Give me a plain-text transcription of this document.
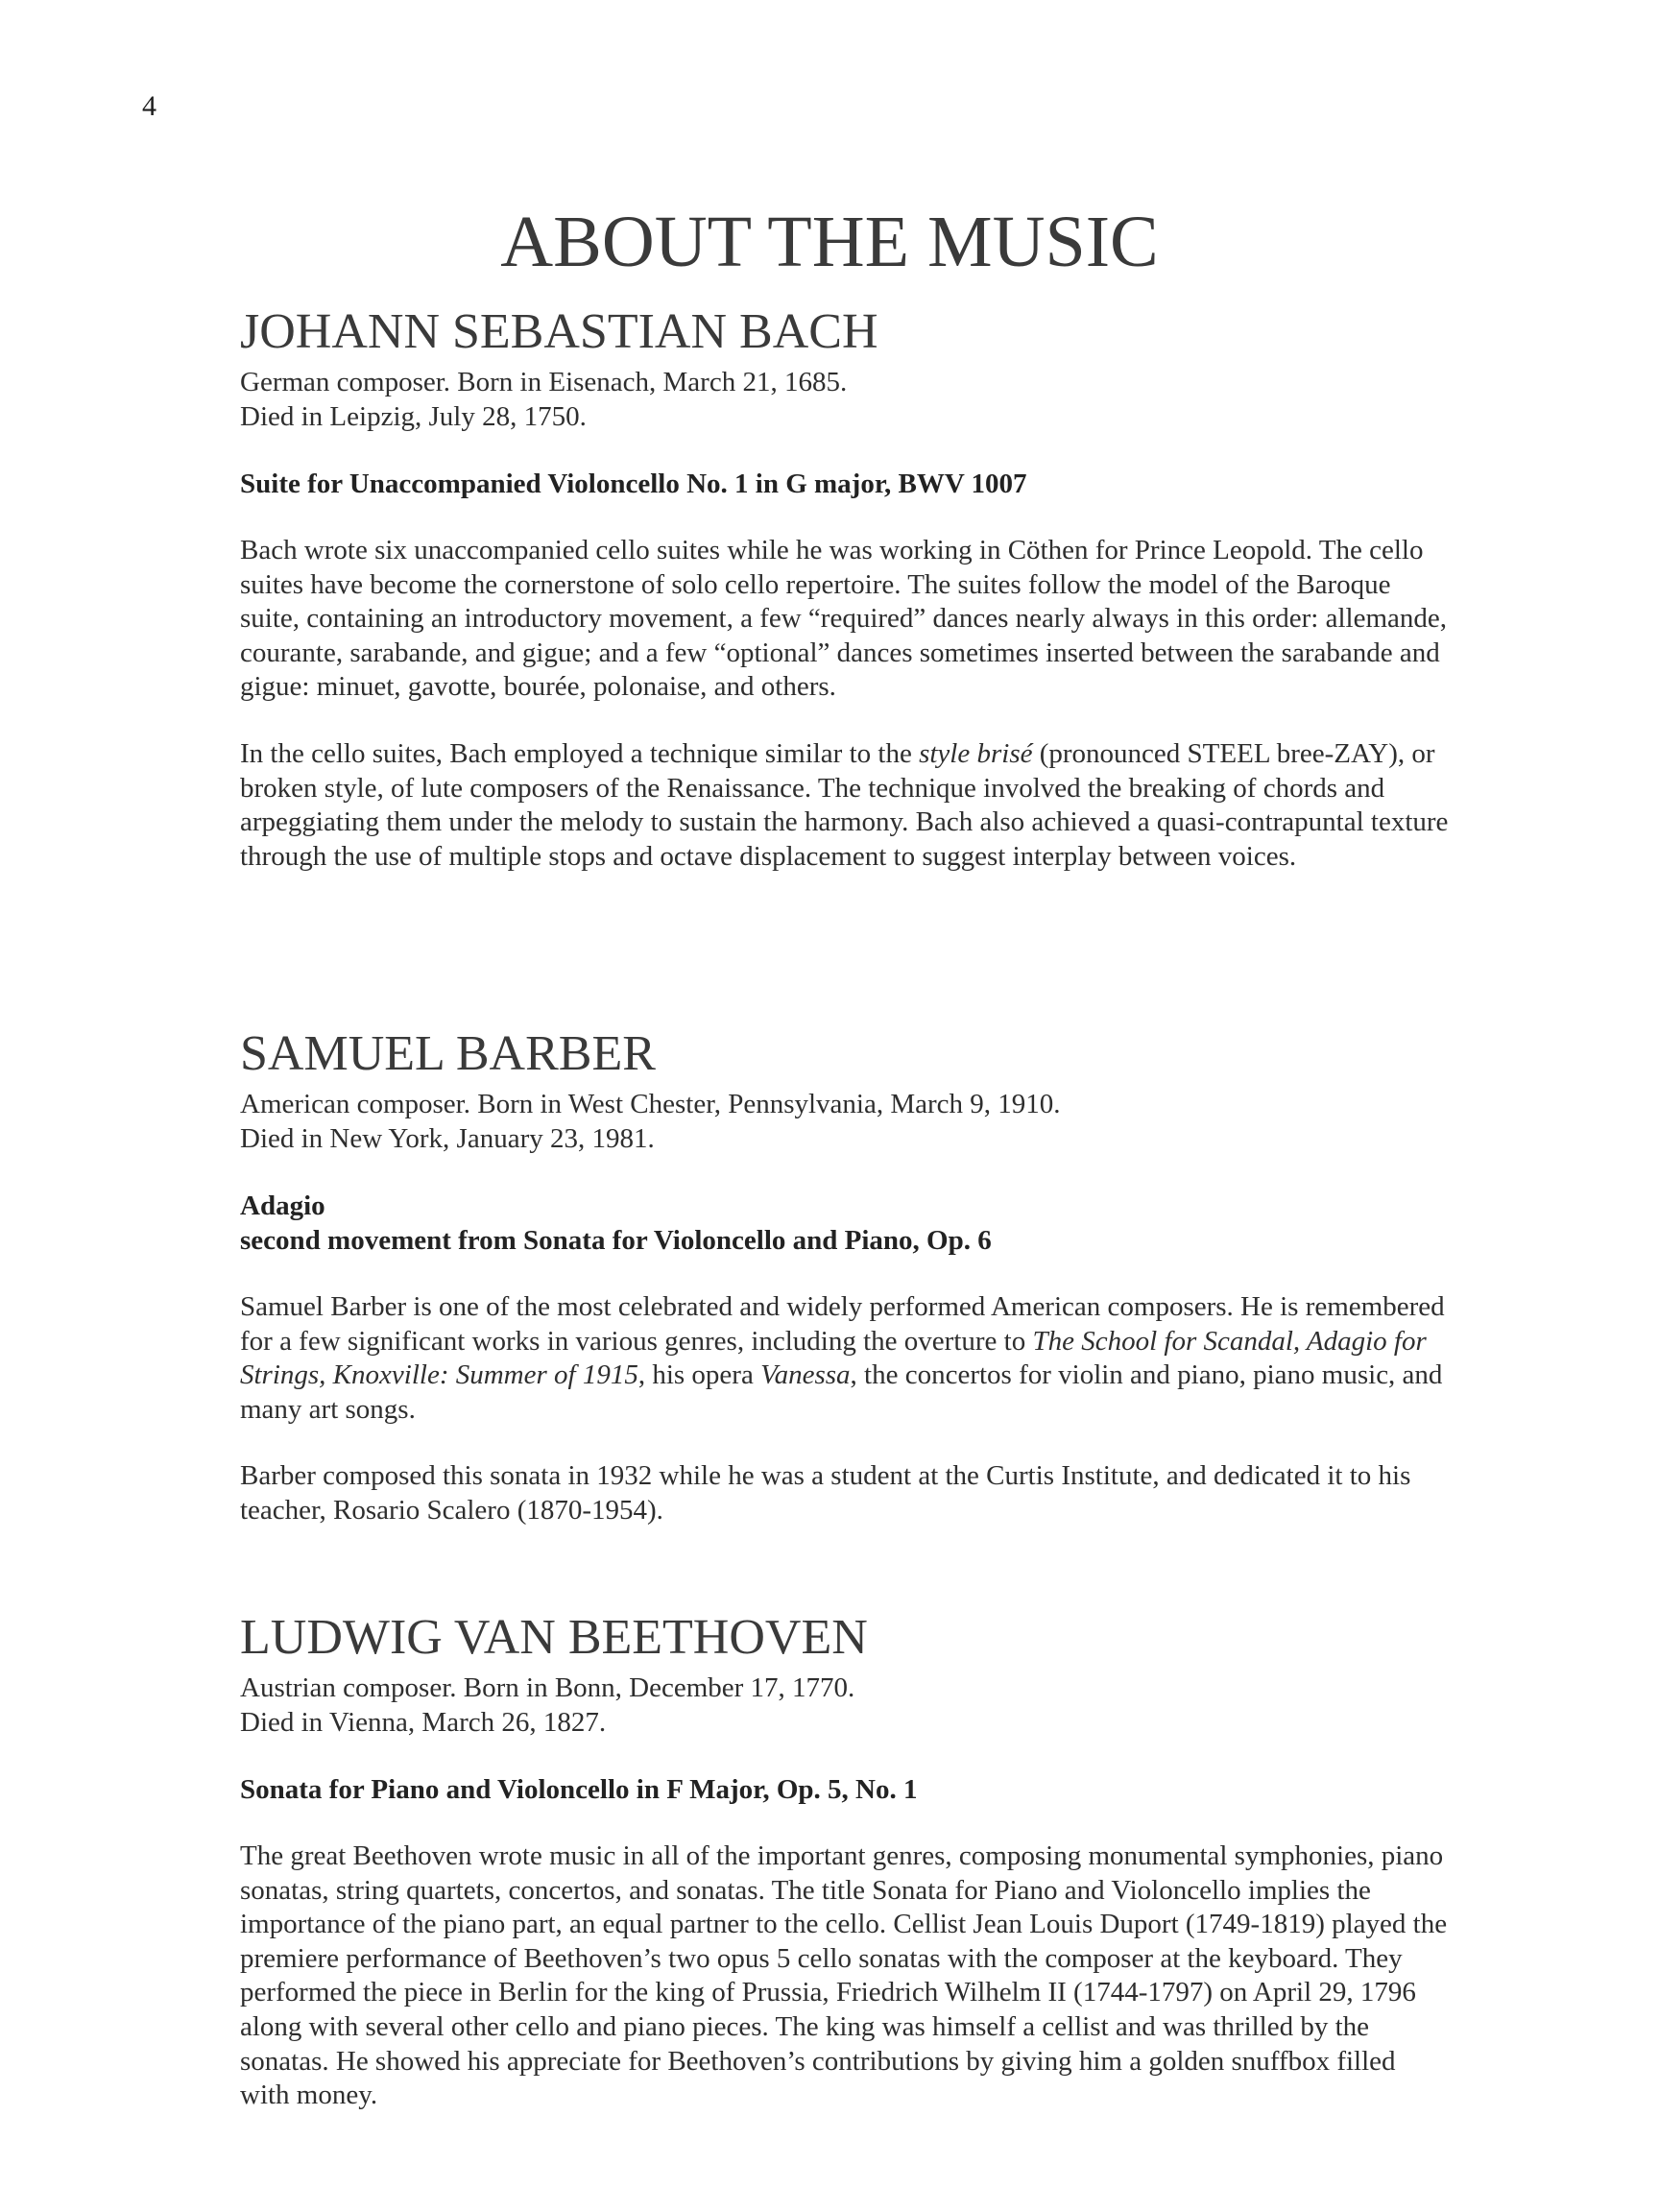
4
ABOUT THE MUSIC
JOHANN SEBASTIAN BACH

German composer. Born in Eisenach, March 21, 1685.
Died in Leipzig, July 28, 1750.

Suite for Unaccompanied Violoncello No. 1 in G major, BWV 1007

Bach wrote six unaccompanied cello suites while he was working in Cöthen for Prince Leopold. The cello suites have become the cornerstone of solo cello repertoire. The suites follow the model of the Baroque suite, containing an introductory movement, a few “required” dances nearly always in this order: allemande, courante, sarabande, and gigue; and a few “optional” dances sometimes inserted between the sarabande and gigue: minuet, gavotte, bourée, polonaise, and others.

In the cello suites, Bach employed a technique similar to the style brisé (pronounced STEEL bree-ZAY), or broken style, of lute composers of the Renaissance. The technique involved the breaking of chords and arpeggiating them under the melody to sustain the harmony. Bach also achieved a quasi-contrapuntal texture through the use of multiple stops and octave displacement to suggest interplay between voices.

SAMUEL BARBER

American composer. Born in West Chester, Pennsylvania, March 9, 1910.
Died in New York, January 23, 1981.

Adagio
second movement from Sonata for Violoncello and Piano, Op. 6

Samuel Barber is one of the most celebrated and widely performed American composers. He is remembered for a few significant works in various genres, including the overture to The School for Scandal, Adagio for Strings, Knoxville: Summer of 1915, his opera Vanessa, the concertos for violin and piano, piano music, and many art songs.

Barber composed this sonata in 1932 while he was a student at the Curtis Institute, and dedicated it to his teacher, Rosario Scalero (1870-1954).

LUDWIG VAN BEETHOVEN

Austrian composer. Born in Bonn, December 17, 1770.
Died in Vienna, March 26, 1827.

Sonata for Piano and Violoncello in F Major, Op. 5, No. 1

The great Beethoven wrote music in all of the important genres, composing monumental symphonies, piano sonatas, string quartets, concertos, and sonatas. The title Sonata for Piano and Violoncello implies the importance of the piano part, an equal partner to the cello. Cellist Jean Louis Duport (1749-1819) played the premiere performance of Beethoven’s two opus 5 cello sonatas with the composer at the keyboard. They performed the piece in Berlin for the king of Prussia, Friedrich Wilhelm II (1744-1797) on April 29, 1796 along with several other cello and piano pieces. The king was himself a cellist and was thrilled by the sonatas. He showed his appreciate for Beethoven’s contributions by giving him a golden snuffbox filled with money.
